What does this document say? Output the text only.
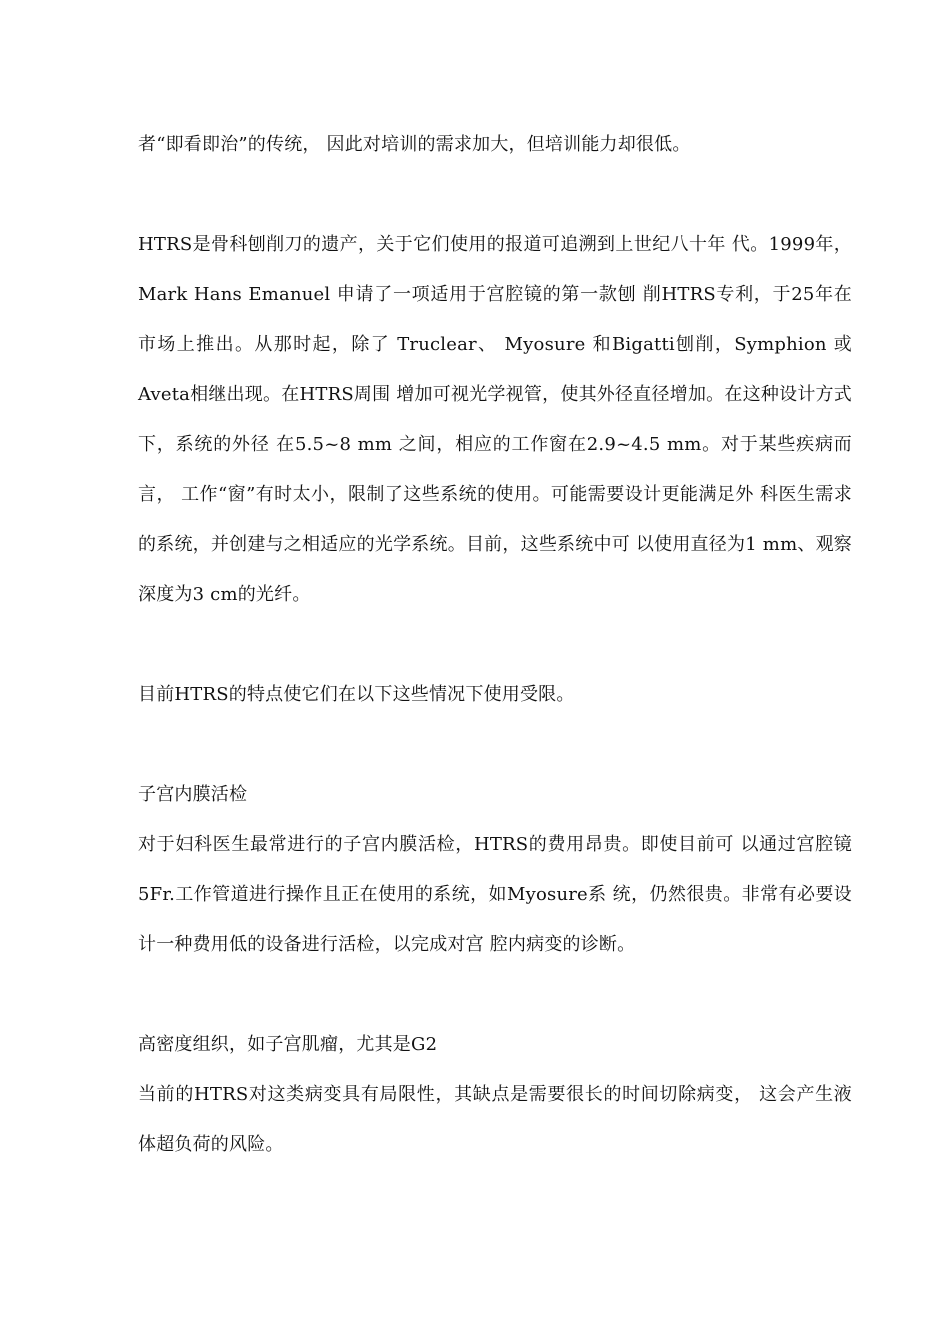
者“即看即治”的传统， 因此对培训的需求加大，但培训能力却很低。

HTRS是骨科刨削刀的遗产，关于它们使用的报道可追溯到上世纪八十年 代。1999年，Mark Hans Emanuel 申请了一项适用于宫腔镜的第一款刨 削HTRS专利，于25年在市场上推出。从那时起，除了 Truclear、 Myosure 和Bigatti刨削，Symphion 或Aveta相继出现。在HTRS周围 增加可视光学视管，使其外径直径增加。在这种设计方式下，系统的外径 在5.5~8 mm 之间，相应的工作窗在2.9~4.5 mm。对于某些疾病而言， 工作“窗”有时太小，限制了这些系统的使用。可能需要设计更能满足外 科医生需求的系统，并创建与之相适应的光学系统。目前，这些系统中可 以使用直径为1 mm、观察深度为3 cm的光纤。

目前HTRS的特点使它们在以下这些情况下使用受限。

子宫内膜活检

对于妇科医生最常进行的子宫内膜活检，HTRS的费用昂贵。即使目前可 以通过宫腔镜5Fr.工作管道进行操作且正在使用的系统，如Myosure系 统，仍然很贵。非常有必要设计一种费用低的设备进行活检，以完成对宫 腔内病变的诊断。

高密度组织，如子宫肌瘤，尤其是G2

当前的HTRS对这类病变具有局限性，其缺点是需要很长的时间切除病变， 这会产生液体超负荷的风险。
